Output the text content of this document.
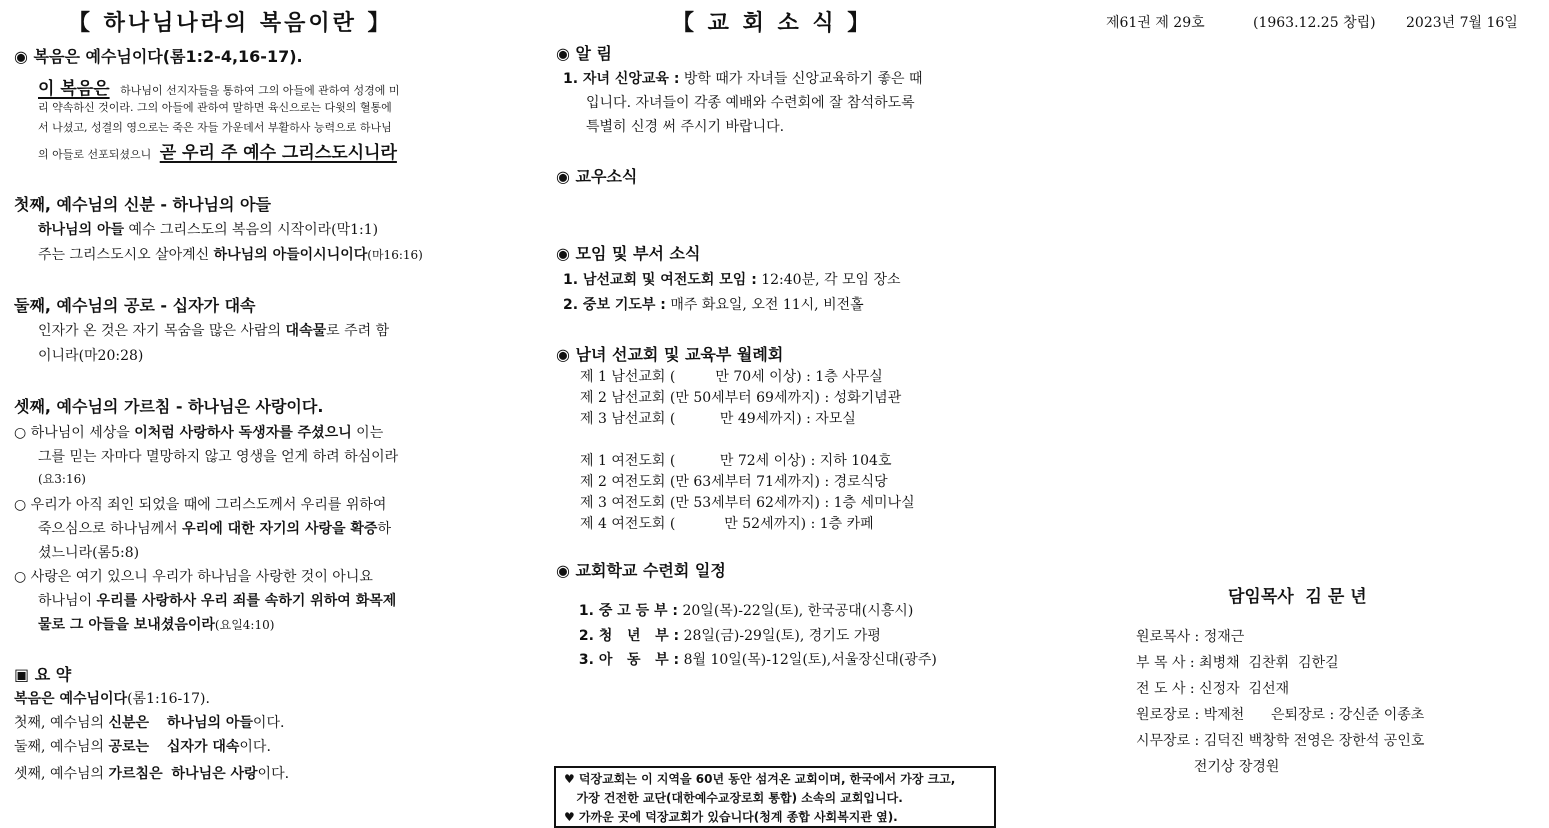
【 하나님나라의 복음이란 】
◉ 복음은 예수님이다(롬1:2-4,16-17).
이 복음은 하나님이 선지자들을 통하여 그의 아들에 관하여 성경에 미
리 약속하신 것이라. 그의 아들에 관하여 말하면 육신으로는 다윗의 혈통에
서 나셨고, 성결의 영으로는 죽은 자들 가운데서 부활하사 능력으로 하나님
의 아들로 선포되셨으니 곧 우리 주 예수 그리스도시니라
첫째, 예수님의 신분 - 하나님의 아들
하나님의 아들 예수 그리스도의 복음의 시작이라(막1:1)
주는 그리스도시오 살아계신 하나님의 아들이시니이다(마16:16)
둘째, 예수님의 공로 - 십자가 대속
인자가 온 것은 자기 목숨을 많은 사람의 대속물로 주려 함
이니라(마20:28)
셋째, 예수님의 가르침 - 하나님은 사랑이다.
○ 하나님이 세상을 이처럼 사랑하사 독생자를 주셨으니 이는
그를 믿는 자마다 멸망하지 않고 영생을 얻게 하려 하심이라
(요3:16)
○ 우리가 아직 죄인 되었을 때에 그리스도께서 우리를 위하여
죽으심으로 하나님께서 우리에 대한 자기의 사랑을 확증하
셨느니라(롬5:8)
○ 사랑은 여기 있으니 우리가 하나님을 사랑한 것이 아니요
하나님이 우리를 사랑하사 우리 죄를 속하기 위하여 화목제
물로 그 아들을 보내셨음이라(요일4:10)
▣ 요 약
복음은 예수님이다(롬1:16-17).
첫째, 예수님의 신분은 하나님의 아들이다.
둘째, 예수님의 공로는 십자가 대속이다.
셋째, 예수님의 가르침은 하나님은 사랑이다.
【 교 회 소 식 】
◉ 알 림
1. 자녀 신앙교육 : 방학 때가 자녀들 신앙교육하기 좋은 때
입니다. 자녀들이 각종 예배와 수련회에 잘 참석하도록
특별히 신경 써 주시기 바랍니다.
◉ 교우소식
◉ 모임 및 부서 소식
1. 남선교회 및 여전도회 모임 : 12:40분, 각 모임 장소
2. 중보 기도부 : 매주 화요일, 오전 11시, 비전홀
◉ 남녀 선교회 및 교육부 월례회
제 1 남선교회 (         만 70세 이상) : 1층 사무실
제 2 남선교회 (만 50세부터 69세까지) : 성화기념관
제 3 남선교회 (          만 49세까지) : 자모실
제 1 여전도회 (          만 72세 이상) : 지하 104호
제 2 여전도회 (만 63세부터 71세까지) : 경로식당
제 3 여전도회 (만 53세부터 62세까지) : 1층 세미나실
제 4 여전도회 (           만 52세까지) : 1층 카페
◉ 교회학교 수련회 일정

1. 중 고 등 부 : 20일(목)-22일(토), 한국공대(시흥시)

2. 청   년   부 : 28일(금)-29일(토), 경기도 가평

3. 아   동   부 : 8월 10일(목)-12일(토),서울장신대(광주)

♥ 덕장교회는 이 지역을 60년 동안 섬겨온 교회이며, 한국에서 가장 크고,
가장 건전한 교단(대한예수교장로회 통합) 소속의 교회입니다.
♥ 가까운 곳에 덕장교회가 있습니다(청계 종합 사회복지관 옆).
제61권 제 29호	(1963.12.25 창립) 2023년 7월 16일
담임목사  김 문 년
원로목사 : 정재근
부 목 사 : 최병채  김찬휘  김한길
전 도 사 : 신정자  김선재
원로장로 : 박제천      은퇴장로 : 강신준 이종초
시무장로 : 김덕진 백창학 전영은 장한석 공인호
전기상 장경원
